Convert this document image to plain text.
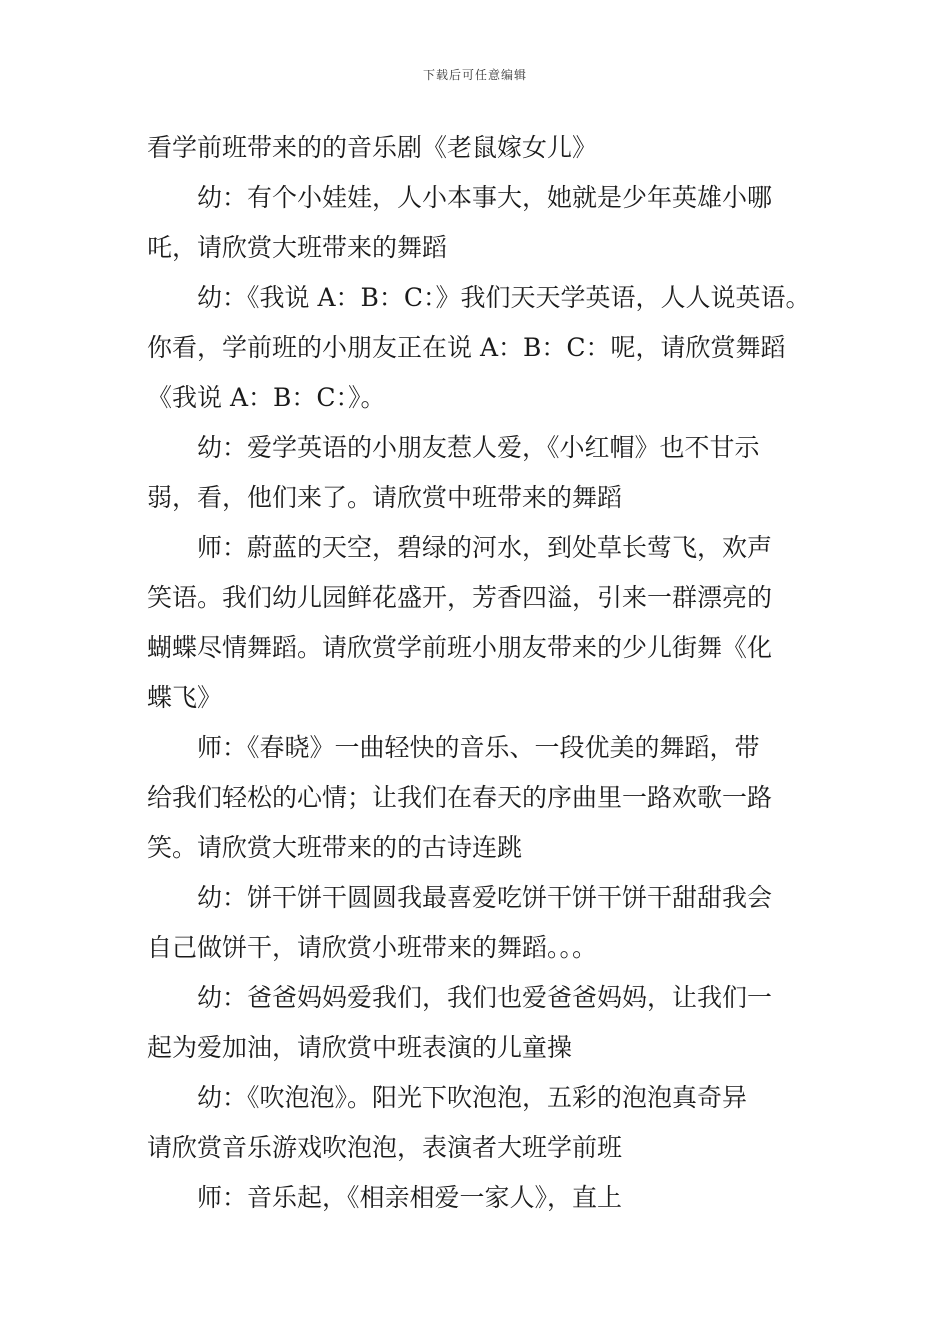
下载后可任意编辑
看学前班带来的的音乐剧《老鼠嫁女儿》
　　幼：有个小娃娃，人小本事大，她就是少年英雄小哪
吒，请欣赏大班带来的舞蹈
　　幼：《我说 A：B：C：》我们天天学英语，人人说英语。
你看，学前班的小朋友正在说 A：B：C：呢，请欣赏舞蹈
《我说 A：B：C：》。
　　幼：爱学英语的小朋友惹人爱，《小红帽》也不甘示
弱，看，他们来了。请欣赏中班带来的舞蹈
　　师：蔚蓝的天空，碧绿的河水，到处草长莺飞，欢声
笑语。我们幼儿园鲜花盛开，芳香四溢，引来一群漂亮的
蝴蝶尽情舞蹈。请欣赏学前班小朋友带来的少儿街舞《化
蝶飞》
　　师：《春晓》一曲轻快的音乐、一段优美的舞蹈，带
给我们轻松的心情；让我们在春天的序曲里一路欢歌一路
笑。请欣赏大班带来的的古诗连跳
　　幼：饼干饼干圆圆我最喜爱吃饼干饼干饼干甜甜我会
自己做饼干，请欣赏小班带来的舞蹈。。。
　　幼：爸爸妈妈爱我们，我们也爱爸爸妈妈，让我们一
起为爱加油，请欣赏中班表演的儿童操
　　幼：《吹泡泡》。阳光下吹泡泡，五彩的泡泡真奇异
请欣赏音乐游戏吹泡泡，表演者大班学前班
　　师：音乐起，《相亲相爱一家人》，直上
